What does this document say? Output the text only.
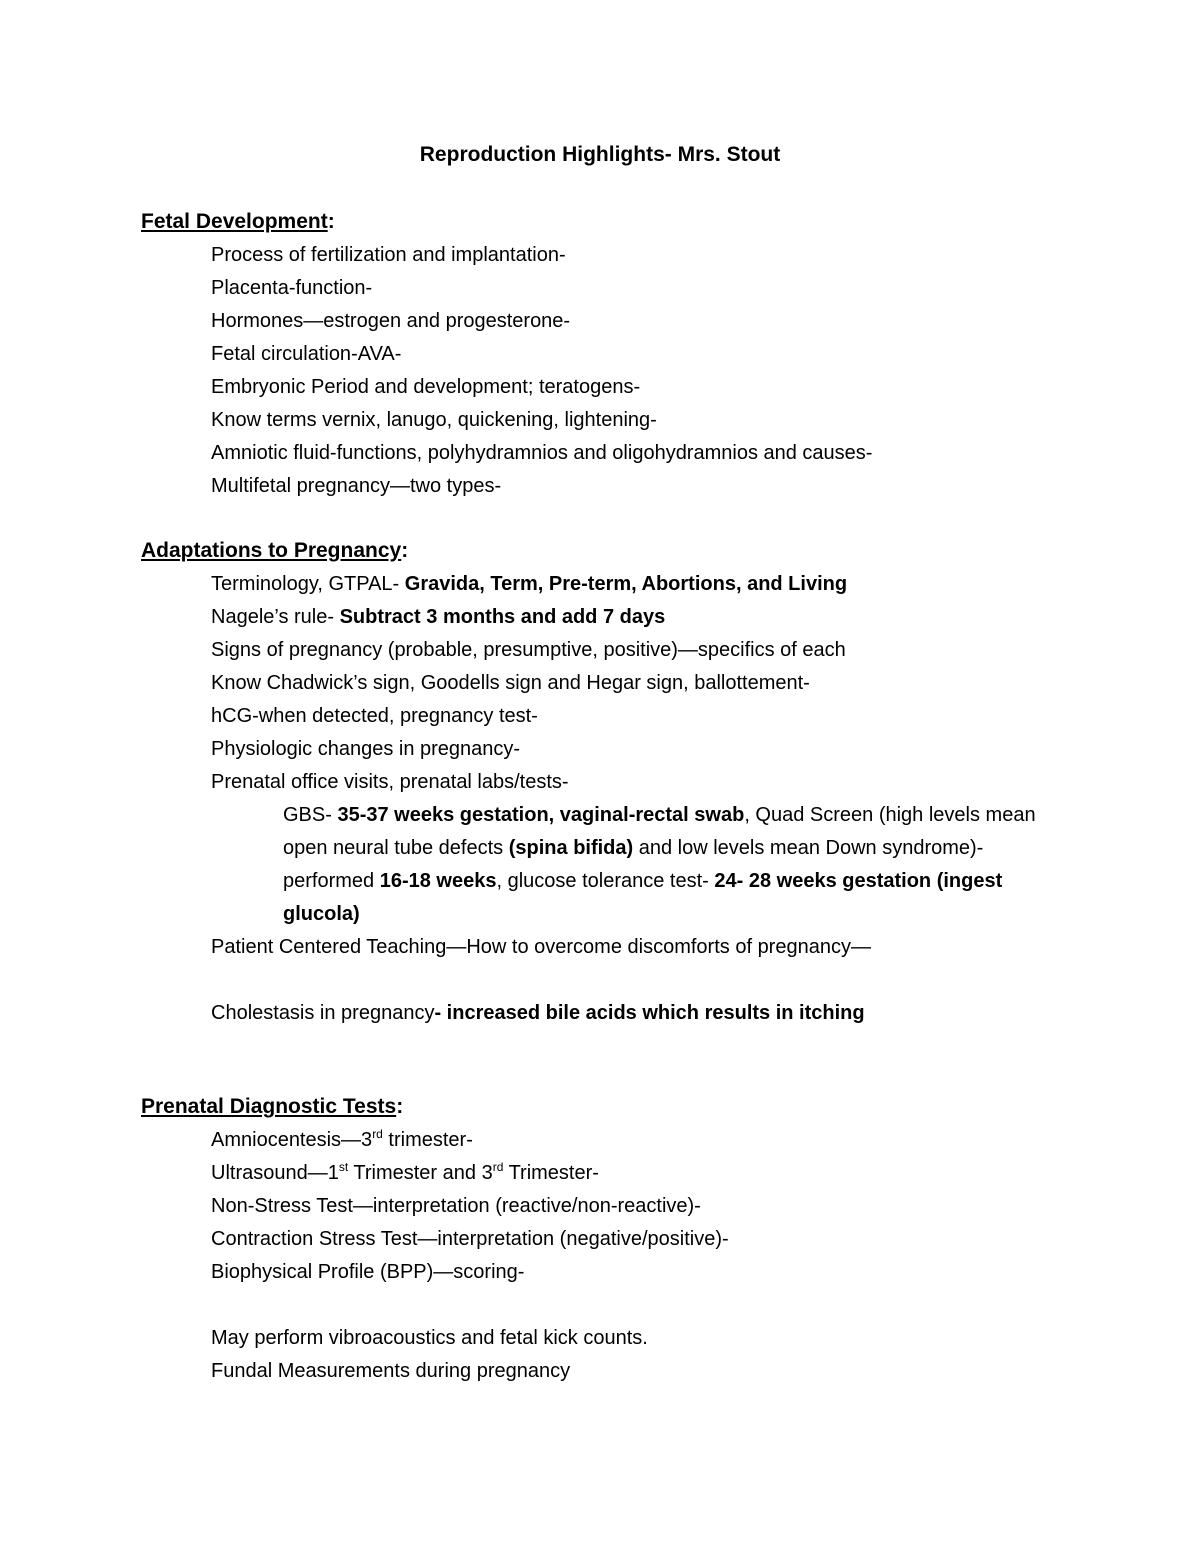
Reproduction Highlights- Mrs. Stout
Fetal Development:
Process of fertilization and implantation-
Placenta-function-
Hormones—estrogen and progesterone-
Fetal circulation-AVA-
Embryonic Period and development; teratogens-
Know terms vernix, lanugo, quickening, lightening-
Amniotic fluid-functions, polyhydramnios and oligohydramnios and causes-
Multifetal pregnancy—two types-
Adaptations to Pregnancy:
Terminology, GTPAL- Gravida, Term, Pre-term, Abortions, and Living
Nagele’s rule- Subtract 3 months and add 7 days
Signs of pregnancy (probable, presumptive, positive)—specifics of each
Know Chadwick’s sign, Goodells sign and Hegar sign, ballottement-
hCG-when detected, pregnancy test-
Physiologic changes in pregnancy-
Prenatal office visits, prenatal labs/tests-
GBS- 35-37 weeks gestation, vaginal-rectal swab, Quad Screen (high levels mean
open neural tube defects (spina bifida) and low levels mean Down syndrome)-
performed 16-18 weeks, glucose tolerance test- 24- 28 weeks gestation (ingest
glucola)
Patient Centered Teaching—How to overcome discomforts of pregnancy—
Cholestasis in pregnancy- increased bile acids which results in itching
Prenatal Diagnostic Tests:
Amniocentesis—3rd trimester-
Ultrasound—1st Trimester and 3rd Trimester-
Non-Stress Test—interpretation (reactive/non-reactive)-
Contraction Stress Test—interpretation (negative/positive)-
Biophysical Profile (BPP)—scoring-
May perform vibroacoustics and fetal kick counts.
Fundal Measurements during pregnancy
